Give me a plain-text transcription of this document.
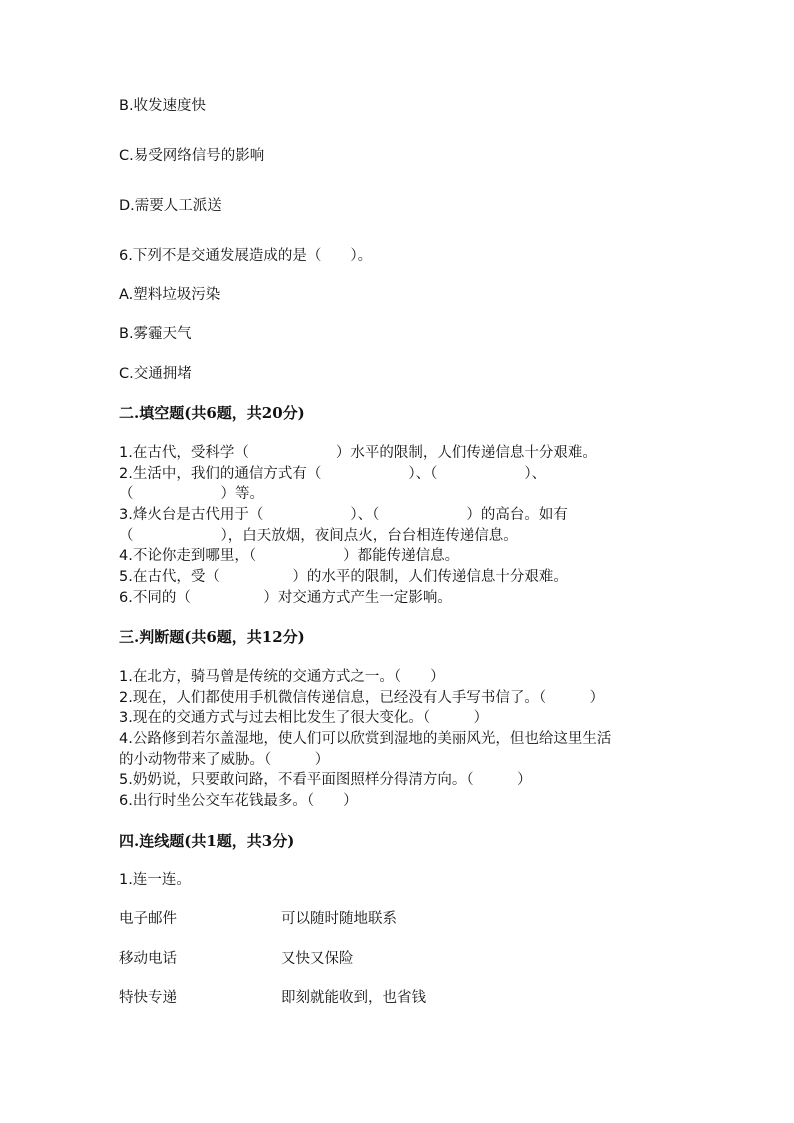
B.收发速度快
C.易受网络信号的影响
D.需要人工派送
6.下列不是交通发展造成的是（　　）。
A.塑料垃圾污染
B.雾霾天气
C.交通拥堵
二.填空题(共6题，共20分)
1.在古代，受科学（　　　　　　）水平的限制，人们传递信息十分艰难。
2.生活中，我们的通信方式有（　　　　　　）、（　　　　　　）、
（　　　　　　）等。
3.烽火台是古代用于（　　　　　　）、（　　　　　　）的高台。如有
（　　　　　　），白天放烟，夜间点火，台台相连传递信息。
4.不论你走到哪里，（　　　　　　）都能传递信息。
5.在古代，受（　　　　　）的水平的限制，人们传递信息十分艰难。
6.不同的（　　　　　）对交通方式产生一定影响。
三.判断题(共6题，共12分)
1.在北方，骑马曾是传统的交通方式之一。（　　）
2.现在，人们都使用手机微信传递信息，已经没有人手写书信了。（　　　）
3.现在的交通方式与过去相比发生了很大变化。（　　　）
4.公路修到若尔盖湿地，使人们可以欣赏到湿地的美丽风光，但也给这里生活
的小动物带来了威胁。（　　　）
5.奶奶说，只要敢问路，不看平面图照样分得清方向。（　　　）
6.出行时坐公交车花钱最多。（　　）
四.连线题(共1题，共3分)
1.连一连。
电子邮件	可以随时随地联系
移动电话	又快又保险
特快专递	即刻就能收到，也省钱
